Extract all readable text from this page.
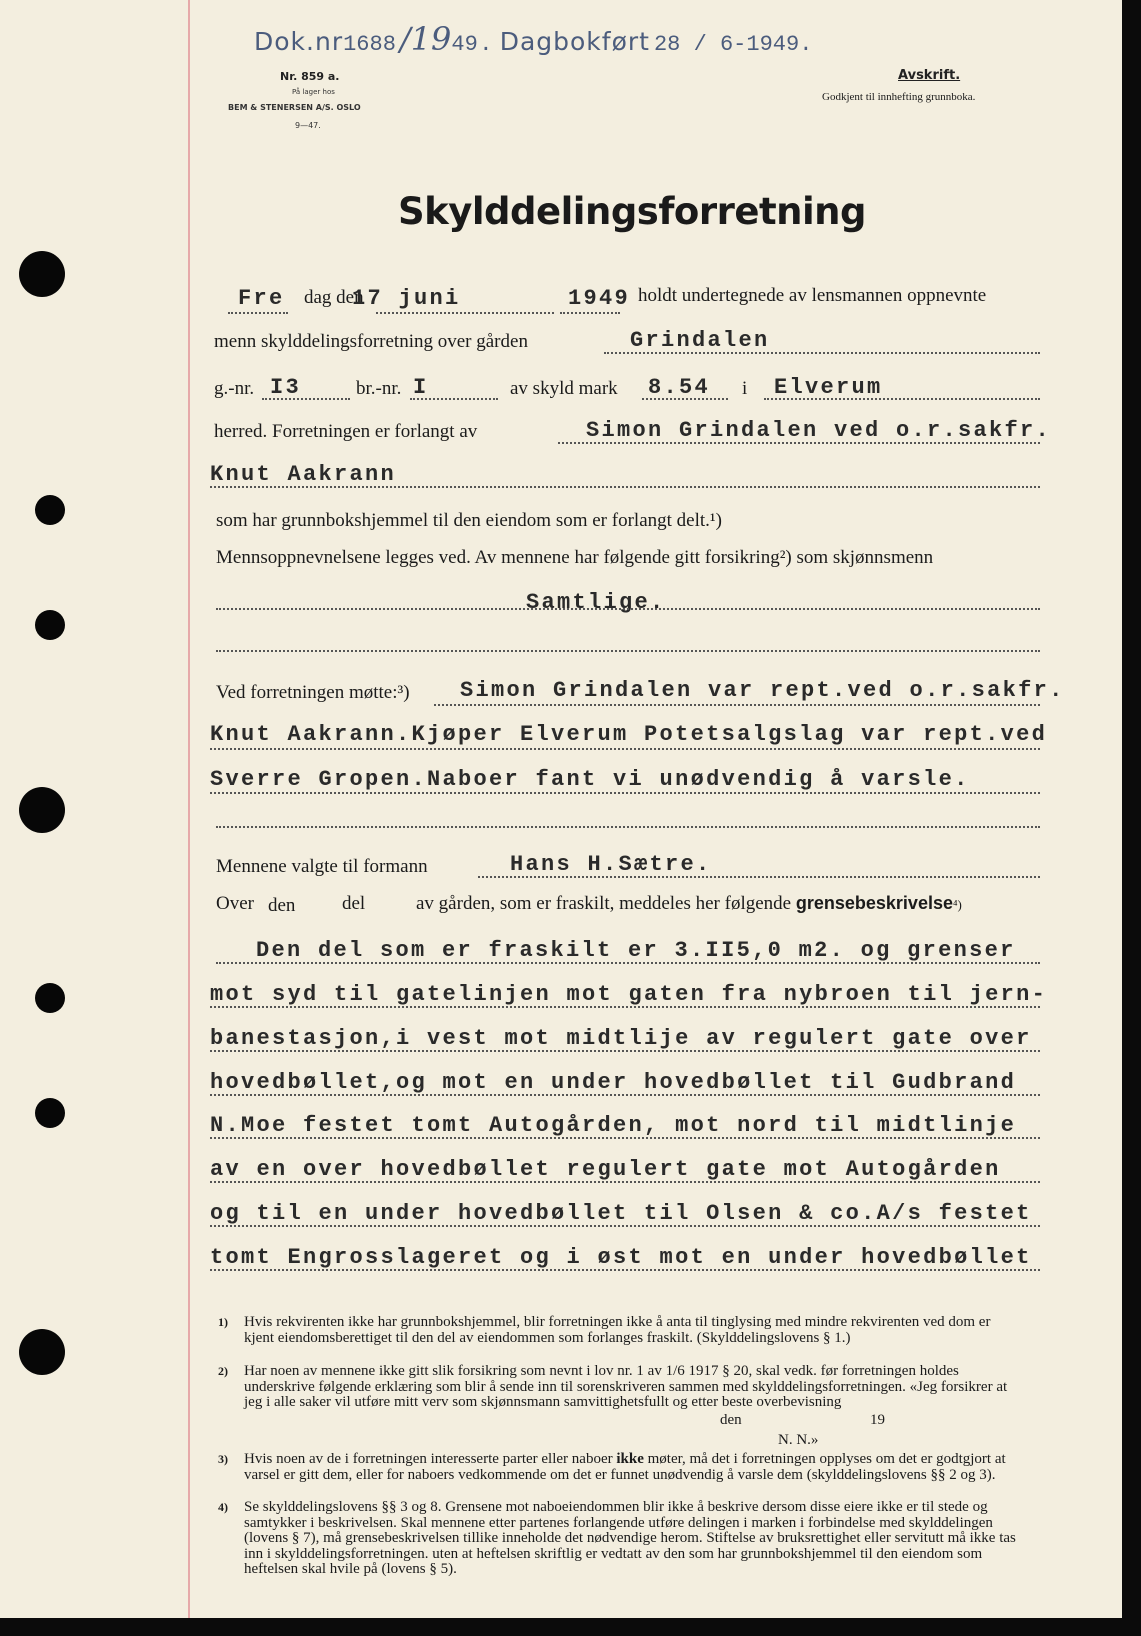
Dok.nr1688 /1949 . Dagbokført 28 / 6-1949.
Nr. 859 a.
På lager hos
BEM & STENERSEN A/S. OSLO
9—47.
Avskrift.
Godkjent til innhefting grunnboka.
Skylddelingsforretning
Fre dag den
17 juni	1949 holdt undertegnede av lensmannen oppnevnte
menn skylddelingsforretning over gården	Grindalen
g.-nr. I3	br.-nr. I	av skyld mark 8.54 i Elverum
herred. Forretningen er forlangt av	Simon Grindalen ved o.r.sakfr.
Knut Aakrann
som har grunnbokshjemmel til den eiendom som er forlangt delt.¹)
Mennsoppnevnelsene legges ved. Av mennene har følgende gitt forsikring²) som skjønnsmenn
Samtlige.
Ved forretningen møtte:³) Simon Grindalen var rept.ved o.r.sakfr.
Knut Aakrann.Kjøper Elverum Potetsalgslag var rept.ved
Sverre Gropen.Naboer fant vi unødvendig å varsle.
Mennene valgte til formann	Hans H.Sætre.
Over den del	av gården, som er fraskilt, meddeles her følgende grensebeskrivelse⁴)
Den del som er fraskilt er 3.II5,0 m2. og grenser
mot syd til gatelinjen mot gaten fra nybroen til jern-
banestasjon,i vest mot midtlije av regulert gate over
hovedbøllet,og mot en under hovedbøllet til Gudbrand
N.Moe festet tomt Autogården, mot nord til midtlinje
av en over hovedbøllet regulert gate mot Autogården
og til en under hovedbøllet til Olsen & co.A/s festet
tomt Engrosslageret og i øst mot en under hovedbøllet
1) Hvis rekvirenten ikke har grunnbokshjemmel, blir forretningen ikke å anta til tinglysing med mindre rekvirenten ved dom er kjent eiendomsberettiget til den del av eiendommen som forlanges fraskilt. (Skylddelingslovens § 1.)
2) Har noen av mennene ikke gitt slik forsikring som nevnt i lov nr. 1 av 1/6 1917 § 20, skal vedk. før forretningen holdes underskrive følgende erklæring som blir å sende inn til sorenskriveren sammen med skylddelingsforretningen. «Jeg forsikrer at jeg i alle saker vil utføre mitt verv som skjønnsmann samvittighetsfullt og etter beste overbevisning
den	19
N. N.»
3) Hvis noen av de i forretningen interesserte parter eller naboer ikke møter, må det i forretningen opplyses om det er godtgjort at varsel er gitt dem, eller for naboers vedkommende om det er funnet unødvendig å varsle dem (skylddelingslovens §§ 2 og 3).
4) Se skylddelingslovens §§ 3 og 8. Grensene mot naboeiendommen blir ikke å beskrive dersom disse eiere ikke er til stede og samtykker i beskrivelsen. Skal mennene etter partenes forlangende utføre delingen i marken i forbindelse med skylddelingen (lovens § 7), må grensebeskrivelsen tillike inneholde det nødvendige herom. Stiftelse av bruksrettighet eller servitutt må ikke tas inn i skylddelingsforretningen. uten at heftelsen skriftlig er vedtatt av den som har grunnbokshjemmel til den eiendom som heftelsen skal hvile på (lovens § 5).
